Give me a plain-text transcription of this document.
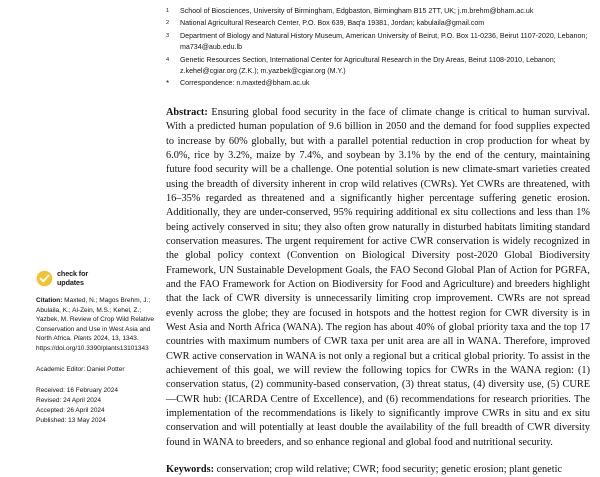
check for
updates
Citation: Maxted, N.; Magos Brehm, J.; Abulaila, K.; Al-Zein, M.S.; Kehel, Z.; Yazbek, M. Review of Crop Wild Relative Conservation and Use in West Asia and North Africa. Plants 2024, 13, 1343. https://doi.org/10.3390/plants13101343
Academic Editor: Daniel Potter
Received: 16 February 2024
Revised: 24 April 2024
Accepted: 26 April 2024
Published: 13 May 2024
1	School of Biosciences, University of Birmingham, Edgbaston, Birmingham B15 2TT, UK; j.m.brehm@bham.ac.uk
2	National Agricultural Research Center, P.O. Box 639, Baq'a 19381, Jordan; kabulaila@gmail.com
3	Department of Biology and Natural History Museum, American University of Beirut, P.O. Box 11-0236, Beirut 1107-2020, Lebanon; ma734@aub.edu.lb
4	Genetic Resources Section, International Center for Agricultural Research in the Dry Areas, Beirut 1108-2010, Lebanon; z.kehel@cgiar.org (Z.K.); m.yazbek@cgiar.org (M.Y.)
*	Correspondence: n.maxted@bham.ac.uk

Abstract: Ensuring global food security in the face of climate change is critical to human survival. With a predicted human population of 9.6 billion in 2050 and the demand for food supplies expected to increase by 60% globally, but with a parallel potential reduction in crop production for wheat by 6.0%, rice by 3.2%, maize by 7.4%, and soybean by 3.1% by the end of the century, maintaining future food security will be a challenge. One potential solution is new climate-smart varieties created using the breadth of diversity inherent in crop wild relatives (CWRs). Yet CWRs are threatened, with 16–35% regarded as threatened and a significantly higher percentage suffering genetic erosion. Additionally, they are under-conserved, 95% requiring additional ex situ collections and less than 1% being actively conserved in situ; they also often grow naturally in disturbed habitats limiting standard conservation measures. The urgent requirement for active CWR conservation is widely recognized in the global policy context (Convention on Biological Diversity post-2020 Global Biodiversity Framework, UN Sustainable Development Goals, the FAO Second Global Plan of Action for PGRFA, and the FAO Framework for Action on Biodiversity for Food and Agriculture) and breeders highlight that the lack of CWR diversity is unnecessarily limiting crop improvement. CWRs are not spread evenly across the globe; they are focused in hotspots and the hottest region for CWR diversity is in West Asia and North Africa (WANA). The region has about 40% of global priority taxa and the top 17 countries with maximum numbers of CWR taxa per unit area are all in WANA. Therefore, improved CWR active conservation in WANA is not only a regional but a critical global priority. To assist in the achievement of this goal, we will review the following topics for CWRs in the WANA region: (1) conservation status, (2) community-based conservation, (3) threat status, (4) diversity use, (5) CURE—CWR hub: (ICARDA Centre of Excellence), and (6) recommendations for research priorities. The implementation of the recommendations is likely to significantly improve CWRs in situ and ex situ conservation and will potentially at least double the availability of the full breadth of CWR diversity found in WANA to breeders, and so enhance regional and global food and nutritional security.

Keywords: conservation; crop wild relative; CWR; food security; genetic erosion; plant genetic
